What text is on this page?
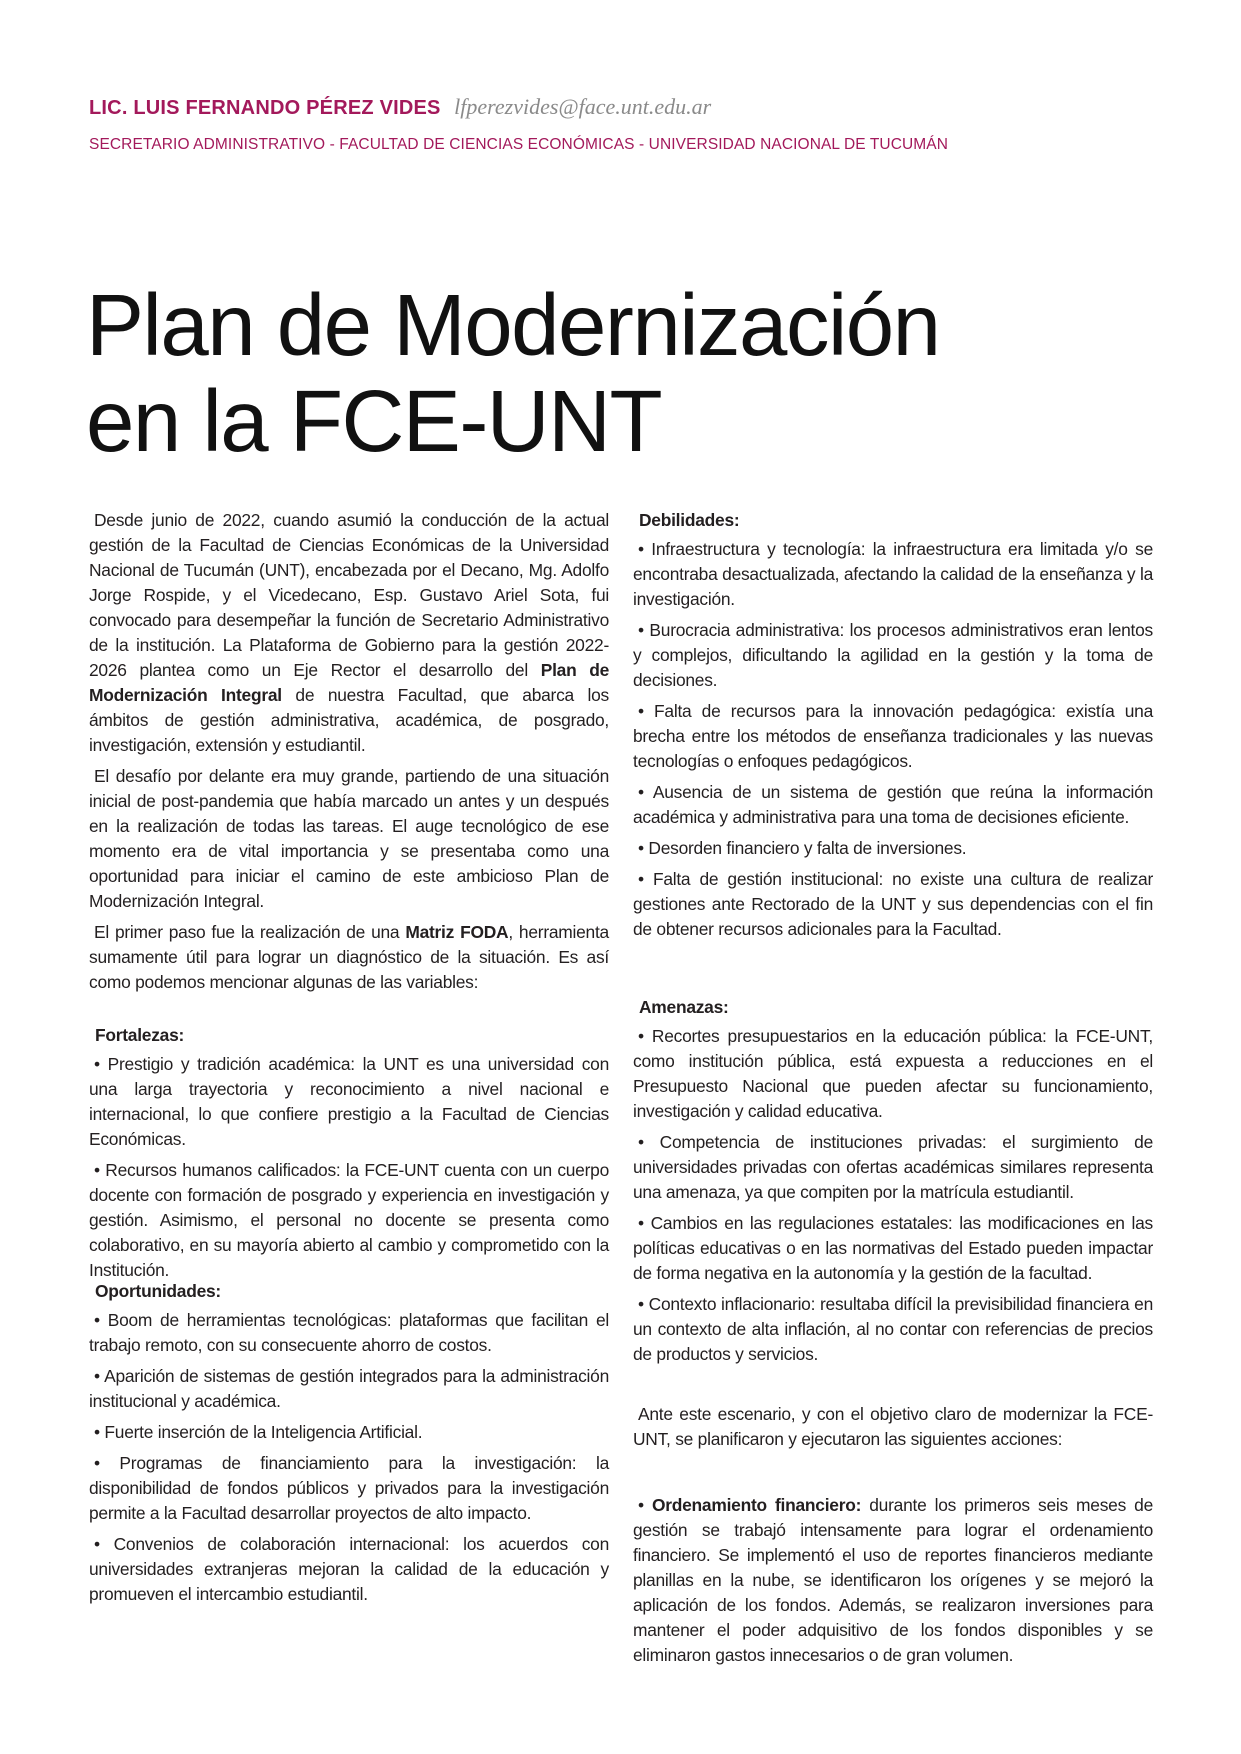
LIC. LUIS FERNANDO PÉREZ VIDES lfperezvides@face.unt.edu.ar
SECRETARIO ADMINISTRATIVO - FACULTAD DE CIENCIAS ECONÓMICAS - UNIVERSIDAD NACIONAL DE TUCUMÁN
Plan de Modernización
en la FCE-UNT

Desde junio de 2022, cuando asumió la conducción de la actual gestión de la Facultad de Ciencias Económicas de la Universidad Nacional de Tucumán (UNT), encabezada por el Decano, Mg. Adolfo Jorge Rospide, y el Vicedecano, Esp. Gustavo Ariel Sota, fui convocado para desempeñar la función de Secretario Administrativo de la institución. La Plataforma de Gobierno para la gestión 2022-2026 plantea como un Eje Rector el desarrollo del Plan de Modernización Integral de nuestra Facultad, que abarca los ámbitos de gestión administrativa, académica, de posgrado, investigación, extensión y estudiantil.

El desafío por delante era muy grande, partiendo de una situación inicial de post-pandemia que había marcado un antes y un después en la realización de todas las tareas. El auge tecnológico de ese momento era de vital importancia y se presentaba como una oportunidad para iniciar el camino de este ambicioso Plan de Modernización Integral.

El primer paso fue la realización de una Matriz FODA, herramienta sumamente útil para lograr un diagnóstico de la situación. Es así como podemos mencionar algunas de las variables:

Fortalezas:

• Prestigio y tradición académica: la UNT es una universidad con una larga trayectoria y reconocimiento a nivel nacional e internacional, lo que confiere prestigio a la Facultad de Ciencias Económicas.

• Recursos humanos calificados: la FCE-UNT cuenta con un cuerpo docente con formación de posgrado y experiencia en investigación y gestión. Asimismo, el personal no docente se presenta como colaborativo, en su mayoría abierto al cambio y comprometido con la Institución.

Oportunidades:

• Boom de herramientas tecnológicas: plataformas que facilitan el trabajo remoto, con su consecuente ahorro de costos.

• Aparición de sistemas de gestión integrados para la administración institucional y académica.

• Fuerte inserción de la Inteligencia Artificial.

• Programas de financiamiento para la investigación: la disponibilidad de fondos públicos y privados para la investigación permite a la Facultad desarrollar proyectos de alto impacto.

• Convenios de colaboración internacional: los acuerdos con universidades extranjeras mejoran la calidad de la educación y promueven el intercambio estudiantil.

Debilidades:

• Infraestructura y tecnología: la infraestructura era limitada y/o se encontraba desactualizada, afectando la calidad de la enseñanza y la investigación.

• Burocracia administrativa: los procesos administrativos eran lentos y complejos, dificultando la agilidad en la gestión y la toma de decisiones.

• Falta de recursos para la innovación pedagógica: existía una brecha entre los métodos de enseñanza tradicionales y las nuevas tecnologías o enfoques pedagógicos.

• Ausencia de un sistema de gestión que reúna la información académica y administrativa para una toma de decisiones eficiente.

• Desorden financiero y falta de inversiones.

• Falta de gestión institucional: no existe una cultura de realizar gestiones ante Rectorado de la UNT y sus dependencias con el fin de obtener recursos adicionales para la Facultad.

Amenazas:

• Recortes presupuestarios en la educación pública: la FCE-UNT, como institución pública, está expuesta a reducciones en el Presupuesto Nacional que pueden afectar su funcionamiento, investigación y calidad educativa.

• Competencia de instituciones privadas: el surgimiento de universidades privadas con ofertas académicas similares representa una amenaza, ya que compiten por la matrícula estudiantil.

• Cambios en las regulaciones estatales: las modificaciones en las políticas educativas o en las normativas del Estado pueden impactar de forma negativa en la autonomía y la gestión de la facultad.

• Contexto inflacionario: resultaba difícil la previsibilidad financiera en un contexto de alta inflación, al no contar con referencias de precios de productos y servicios.

Ante este escenario, y con el objetivo claro de modernizar la FCE-UNT, se planificaron y ejecutaron las siguientes acciones:

• Ordenamiento financiero: durante los primeros seis meses de gestión se trabajó intensamente para lograr el ordenamiento financiero. Se implementó el uso de reportes financieros mediante planillas en la nube, se identificaron los orígenes y se mejoró la aplicación de los fondos. Además, se realizaron inversiones para mantener el poder adquisitivo de los fondos disponibles y se eliminaron gastos innecesarios o de gran volumen.
